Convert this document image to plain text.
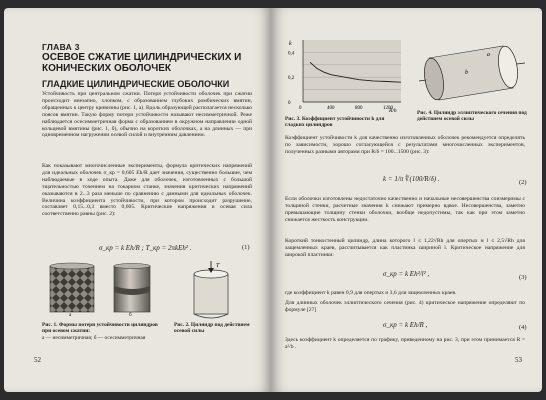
ГЛАВА 3
ОСЕВОЕ СЖАТИЕ ЦИЛИНДРИЧЕСКИХ И КОНИЧЕСКИХ ОБОЛОЧЕК
ГЛАДКИЕ ЦИЛИНДРИЧЕСКИЕ ОБОЛОЧКИ
Устойчивость при центральном сжатии. Потеря устойчивости оболочек при сжатии происходит внезапно, хлопком, с образованием глубоких ромбических вмятин, обращенных к центру кривизны (рис. 1, а). Вдоль образующей располагается несколько поясов вмятин. Такую форму потери устойчивости называют несимметричной. Реже наблюдается осесимметричная форма с образованием в окружном направлении одной кольцевой вмятины (рис. 1, б), обычно на коротких оболочках, а на длинных — при одновременном нагружении осевой силой и внутренним давлением.
Как показывают многочисленные эксперименты, формула критических напряжений для идеальных оболочек σ_кр = 0,605 Eh/R дает значения, существенно большие, чем наблюдаемые в ходе опыта. Даже для оболочек, изготовленных с большой тщательностью точением на токарном станке, значения критических напряжений оказываются в 2...3 раза меньше по сравнению с данными для идеальных оболочек. Величина коэффициента устойчивости, при котором происходит разрушение, составляет 0,15...0,3 вместо 0,605. Критические напряжения и осевая сила соответственно равны (рис. 2):
σ_кр = k Eh/R ; T_кр = 2πkEh² .	(1)
а	б
T
Рис. 1. Формы потери устойчивости цилиндров при осевом сжатии:
а — несимметричная; б — осесимметричная
Рис. 2. Цилиндр под действием осевой силы
52
k
R/h
0,4
0,2
0
0	400	800	1200
b
a
Рис. 3. Коэффициент устойчивости k для гладких цилиндров
Рис. 4. Цилиндр эллиптического сечения под действием осевой силы
Коэффициент устойчивости k для качественно изготовленных оболочек рекомендуется определять по зависимости, хорошо согласующейся с результатами многочисленных экспериментов, полученных разными авторами при R/δ = 100...1500 (рис. 3):
k = 1/π ∜(100/R/δ) .	(2)
Если оболочки изготовлены недостаточно качественно и начальные несовершенства соизмеримы с толщиной стенки, расчетные значения k снижают примерно вдвое. Несовершенства, заметно превышающие толщину стенки оболочки, вообще недопустимы, так как при этом заметно снижается жесткость конструкции.
Короткий тонкостенный цилиндр, длина которого l ≤ 1,22√Rh для опертых и l ≤ 2,5√Rh для защемленных краев, рассчитывается как пластинка шириной l. Критическое напряжение для широкой пластинки:
σ_кр = k Eh²/l² ,	(3)
где коэффициент k равен 0,9 для опертых и 3,6 для защемленных краев.
Для длинных оболочек эллиптического сечения (рис. 4) критическое напряжение определяют по формуле [27]
σ_кр = k Eh/R ,	(4)
Здесь коэффициент k определяется по графику, приведенному на рис. 3, при этом принимается R = a²/b .
53
